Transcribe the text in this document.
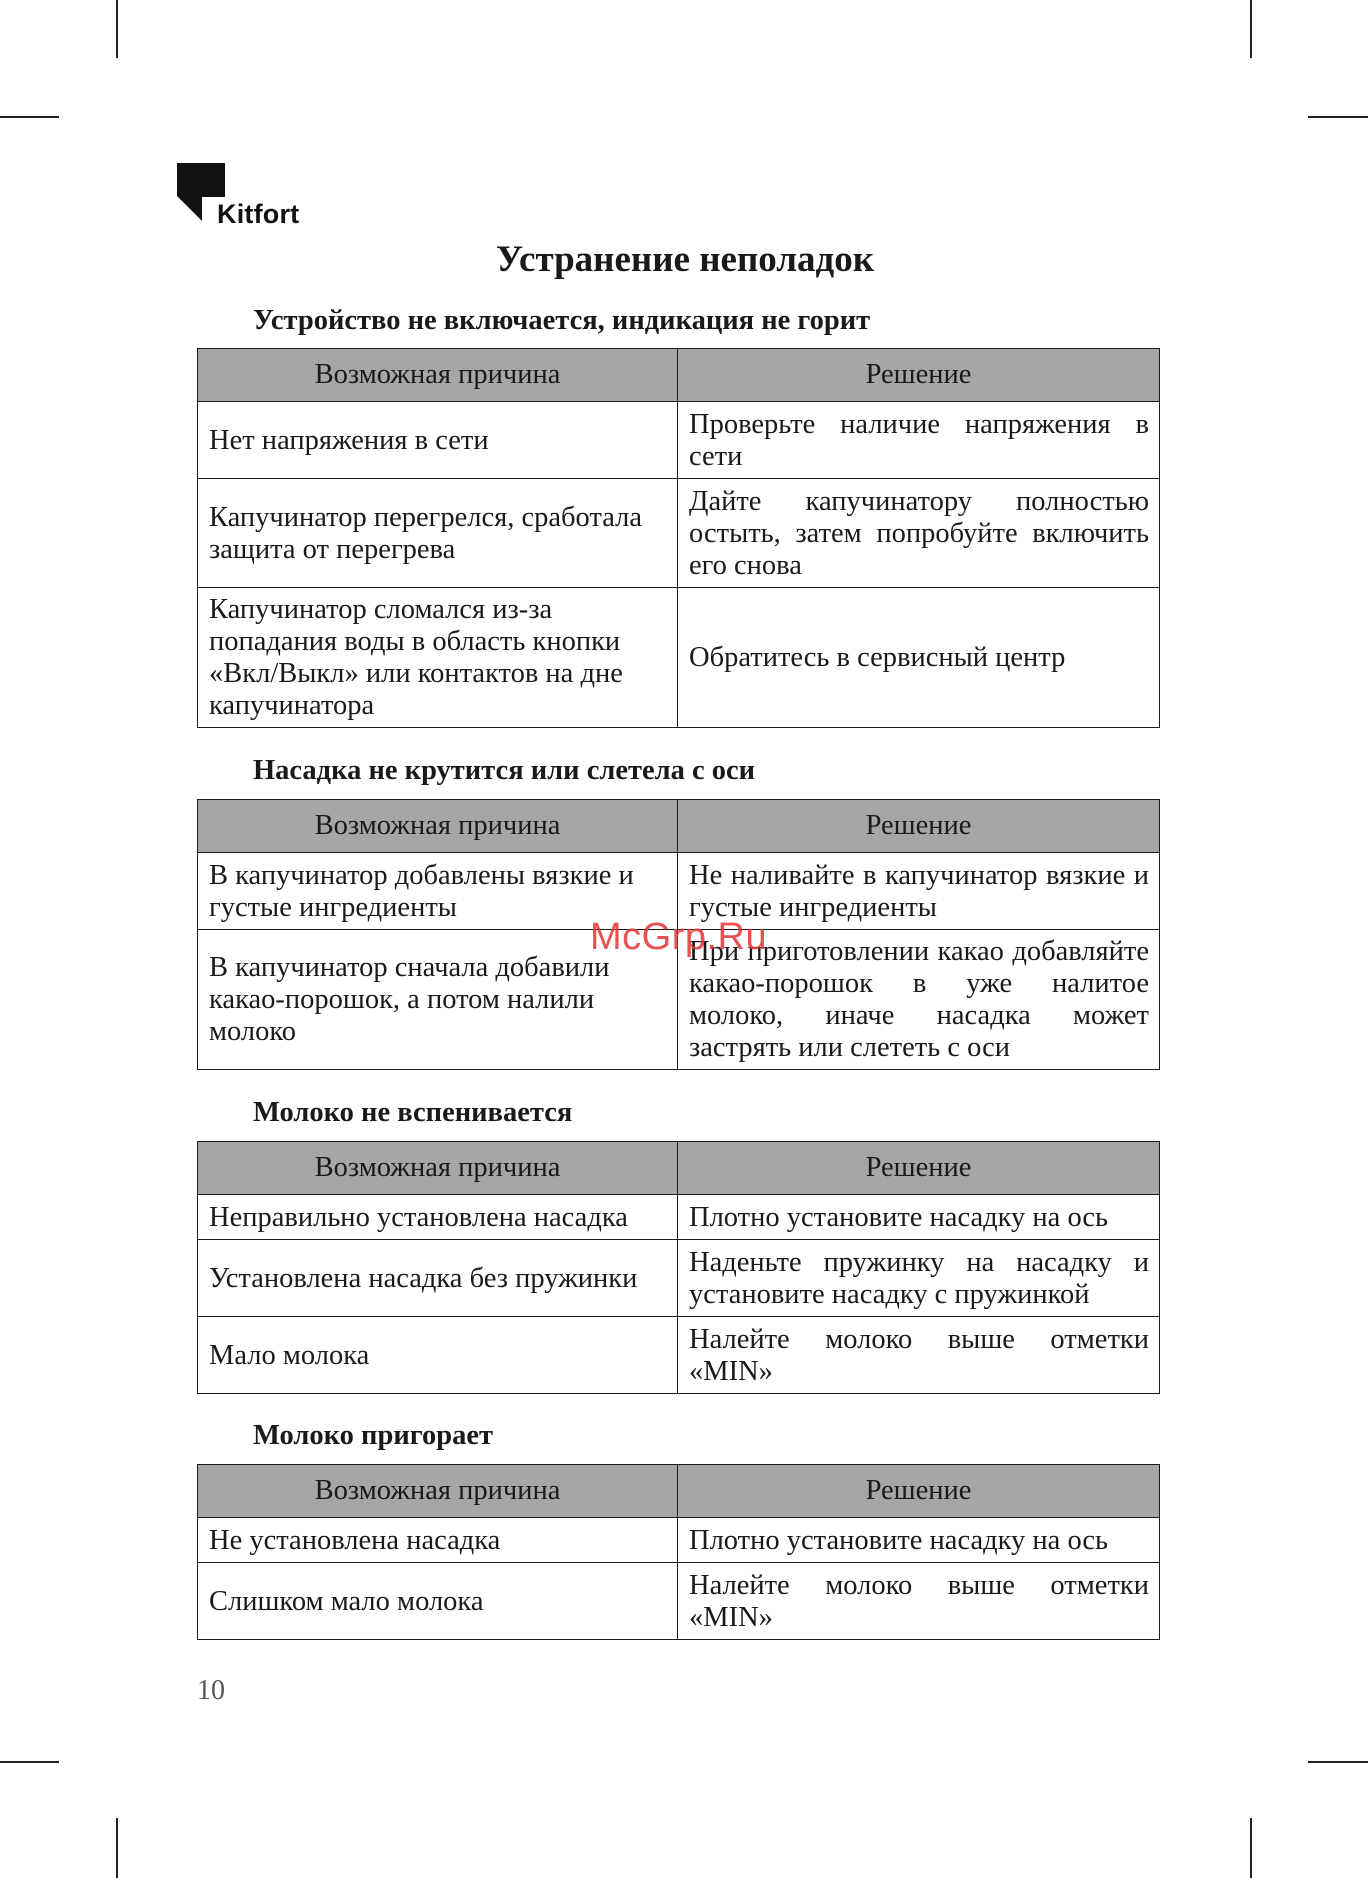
Kitfort
Устранение неполадок
Устройство не включается, индикация не горит
Возможная причина	Решение
Нет напряжения в сети	Проверьте наличие напряжения в сети
Капучинатор перегрелся, сработала защита от перегрева	Дайте капучинатору полностью остыть, затем попробуйте включить его снова
Капучинатор сломался из-за попадания воды в область кнопки «Вкл/Выкл» или контактов на дне капучинатора	Обратитесь в сервисный центр
Насадка не крутится или слетела с оси
Возможная причина	Решение
В капучинатор добавлены вязкие и густые ингредиенты	Не наливайте в капучинатор вязкие и густые ингредиенты
В капучинатор сначала добавили какао-порошок, а потом налили молоко	При приготовлении какао добавляйте какао-порошок в уже налитое молоко, иначе насадка может застрять или слететь с оси
Молоко не вспенивается
Возможная причина	Решение
Неправильно установлена насадка	Плотно установите насадку на ось
Установлена насадка без пружинки	Наденьте пружинку на насадку и установите насадку с пружинкой
Мало молока	Налейте молоко выше отметки «MIN»
Молоко пригорает
Возможная причина	Решение
Не установлена насадка	Плотно установите насадку на ось
Слишком мало молока	Налейте молоко выше отметки «MIN»
10
McGrp.Ru
